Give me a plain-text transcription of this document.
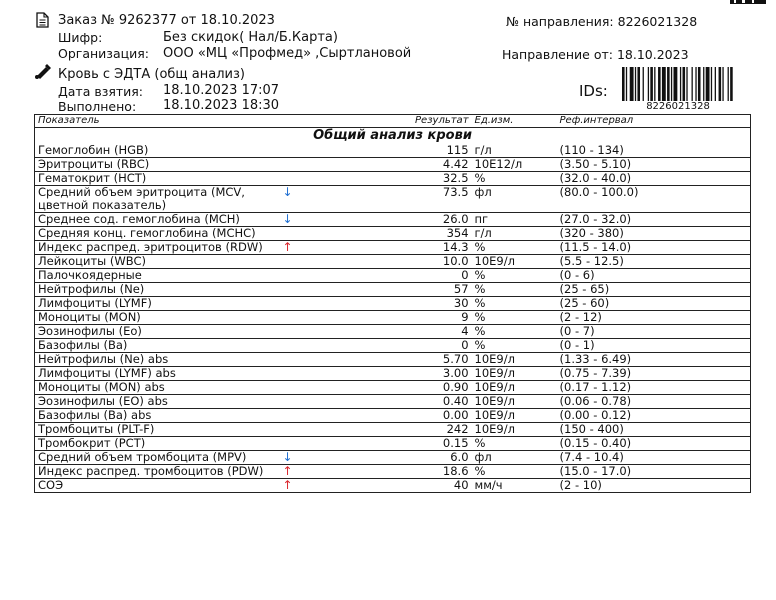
Заказ № 9262377 от 18.10.2023
Шифр:	Без скидок( Нал/Б.Карта)
Организация: ООО «МЦ «Профмед» ,Сыртлановой
№ направления: 8226021328
Направление от: 18.10.2023
Кровь с ЭДТА (общ анализ)
Дата взятия: 18.10.2023 17:07
Выполнено: 18.10.2023 18:30
IDs:
8226021328
Показатель		Результат	Ед.изм.	Реф.интервал
Общий анализ крови				
Гемоглобин (HGB)		115	г/л	(110 - 134)
Эритроциты (RBC)		4.42	10E12/л	(3.50 - 5.10)
Гематокрит (HCT)		32.5	%	(32.0 - 40.0)
Средний объем эритроцита (MCV, цветной показатель)	↓	73.5	фл	(80.0 - 100.0)
Среднее сод. гемоглобина (MCH)	↓	26.0	пг	(27.0 - 32.0)
Средняя конц. гемоглобина (MCHC)		354	г/л	(320 - 380)
Индекс распред. эритроцитов (RDW)	↑	14.3	%	(11.5 - 14.0)
Лейкоциты (WBC)		10.0	10E9/л	(5.5 - 12.5)
Палочкоядерные		0	%	(0 - 6)
Нейтрофилы (Ne)		57	%	(25 - 65)
Лимфоциты (LYMF)		30	%	(25 - 60)
Моноциты (MON)		9	%	(2 - 12)
Эозинофилы (Eo)		4	%	(0 - 7)
Базофилы (Ba)		0	%	(0 - 1)
Нейтрофилы (Ne) abs		5.70	10E9/л	(1.33 - 6.49)
Лимфоциты (LYMF) abs		3.00	10E9/л	(0.75 - 7.39)
Моноциты (MON) abs		0.90	10E9/л	(0.17 - 1.12)
Эозинофилы (EO) abs		0.40	10E9/л	(0.06 - 0.78)
Базофилы (Ba) abs		0.00	10E9/л	(0.00 - 0.12)
Тромбоциты (PLT-F)		242	10E9/л	(150 - 400)
Тромбокрит (PCT)		0.15	%	(0.15 - 0.40)
Средний объем тромбоцита (MPV)	↓	6.0	фл	(7.4 - 10.4)
Индекс распред. тромбоцитов (PDW)	↑	18.6	%	(15.0 - 17.0)
СОЭ	↑	40	мм/ч	(2 - 10)
